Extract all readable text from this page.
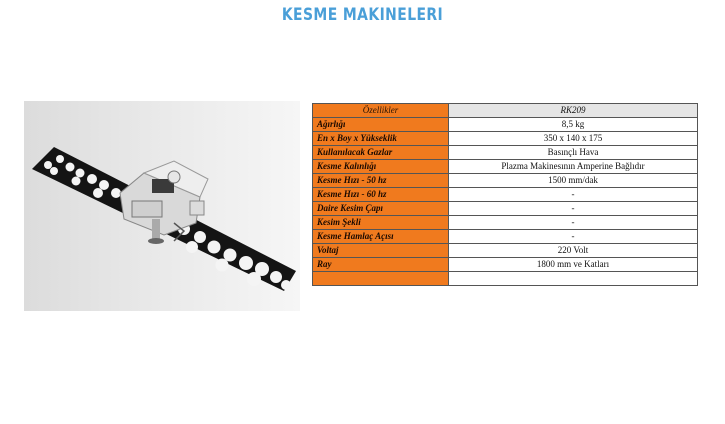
KESME MAKINELERI
Özellikler	RK209
Ağırlığı	8,5 kg
En x Boy x Yükseklik	350 x 140 x 175
Kullanılacak Gazlar	Basınçlı Hava
Kesme Kalınlığı	Plazma Makinesının Amperine Bağlıdır
Kesme Hızı - 50 hz	1500 mm/dak
Kesme Hızı - 60 hz	-
Daire Kesim Çapı	-
Kesim Şekli	-
Kesme Hamlaç Açısı	-
Voltaj	220 Volt
Ray	1800 mm ve Katları
